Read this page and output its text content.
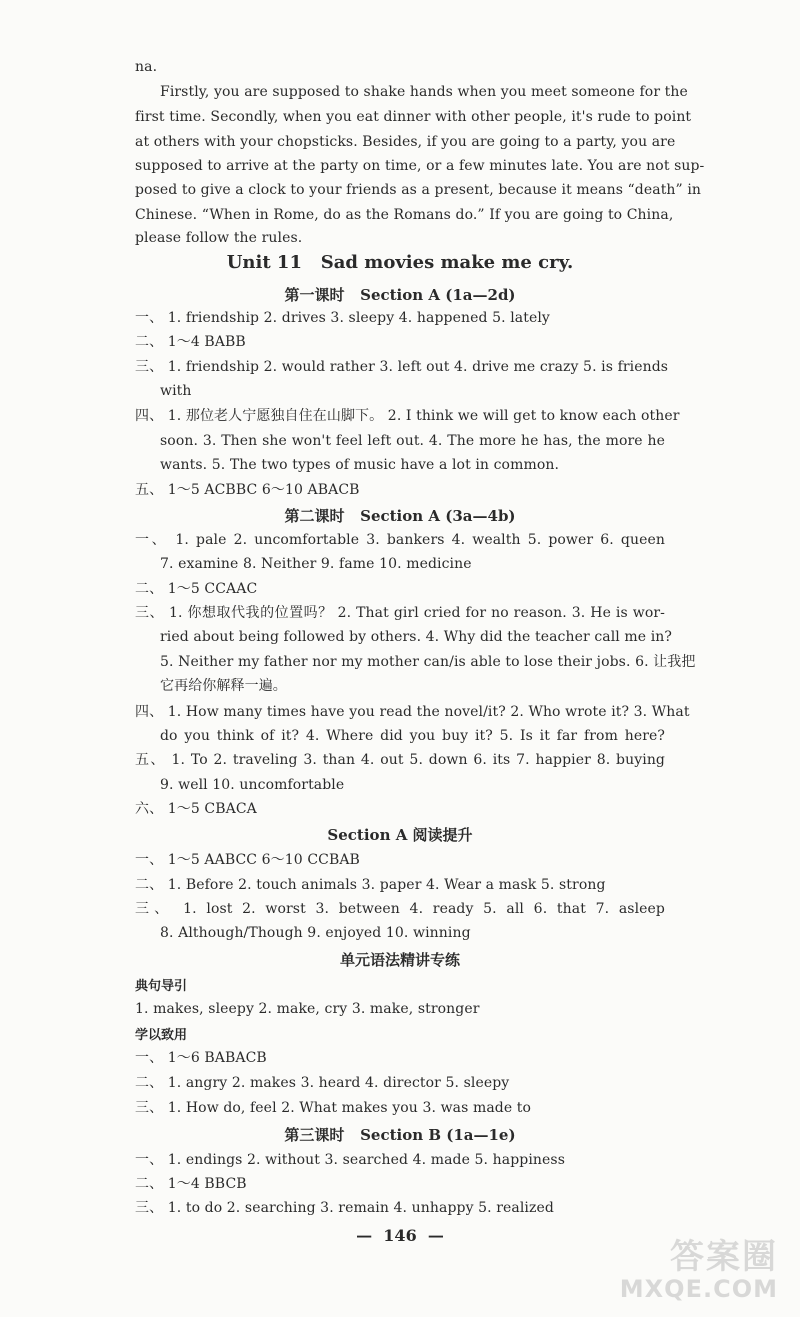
na.
Firstly, you are supposed to shake hands when you meet someone for the
first time. Secondly, when you eat dinner with other people, it's rude to point
at others with your chopsticks. Besides, if you are going to a party, you are
supposed to arrive at the party on time, or a few minutes late. You are not sup-
posed to give a clock to your friends as a present, because it means “death” in
Chinese. “When in Rome, do as the Romans do.” If you are going to China,
please follow the rules.
Unit 11   Sad movies make me cry.
第一课时   Section A (1a—2d)
一、 1. friendship 2. drives 3. sleepy 4. happened 5. lately
二、 1～4 BABB
三、 1. friendship 2. would rather 3. left out 4. drive me crazy 5. is friends
with
四、 1. 那位老人宁愿独自住在山脚下。 2. I think we will get to know each other
soon. 3. Then she won't feel left out. 4. The more he has, the more he
wants. 5. The two types of music have a lot in common.
五、 1～5 ACBBC 6～10 ABACB
第二课时   Section A (3a—4b)
一、 1. pale 2. uncomfortable 3. bankers 4. wealth 5. power 6. queen
7. examine 8. Neither 9. fame 10. medicine
二、 1～5 CCAAC
三、 1. 你想取代我的位置吗？ 2. That girl cried for no reason. 3. He is wor-
ried about being followed by others. 4. Why did the teacher call me in?
5. Neither my father nor my mother can/is able to lose their jobs. 6. 让我把
它再给你解释一遍。
四、 1. How many times have you read the novel/it? 2. Who wrote it? 3. What
do you think of it? 4. Where did you buy it? 5. Is it far from here?
五、 1. To 2. traveling 3. than 4. out 5. down 6. its 7. happier 8. buying
9. well 10. uncomfortable
六、 1～5 CBACA
Section A 阅读提升
一、 1～5 AABCC 6～10 CCBAB
二、 1. Before 2. touch animals 3. paper 4. Wear a mask 5. strong
三、 1. lost 2. worst 3. between 4. ready 5. all 6. that 7. asleep
8. Although/Though 9. enjoyed 10. winning
单元语法精讲专练
典句导引
1. makes, sleepy 2. make, cry 3. make, stronger
学以致用
一、 1～6 BABACB
二、 1. angry 2. makes 3. heard 4. director 5. sleepy
三、 1. How do, feel 2. What makes you 3. was made to
第三课时   Section B (1a—1e)
一、 1. endings 2. without 3. searched 4. made 5. happiness
二、 1～4 BBCB
三、 1. to do 2. searching 3. remain 4. unhappy 5. realized
—  146  —
答案圈
MXQE.COM
